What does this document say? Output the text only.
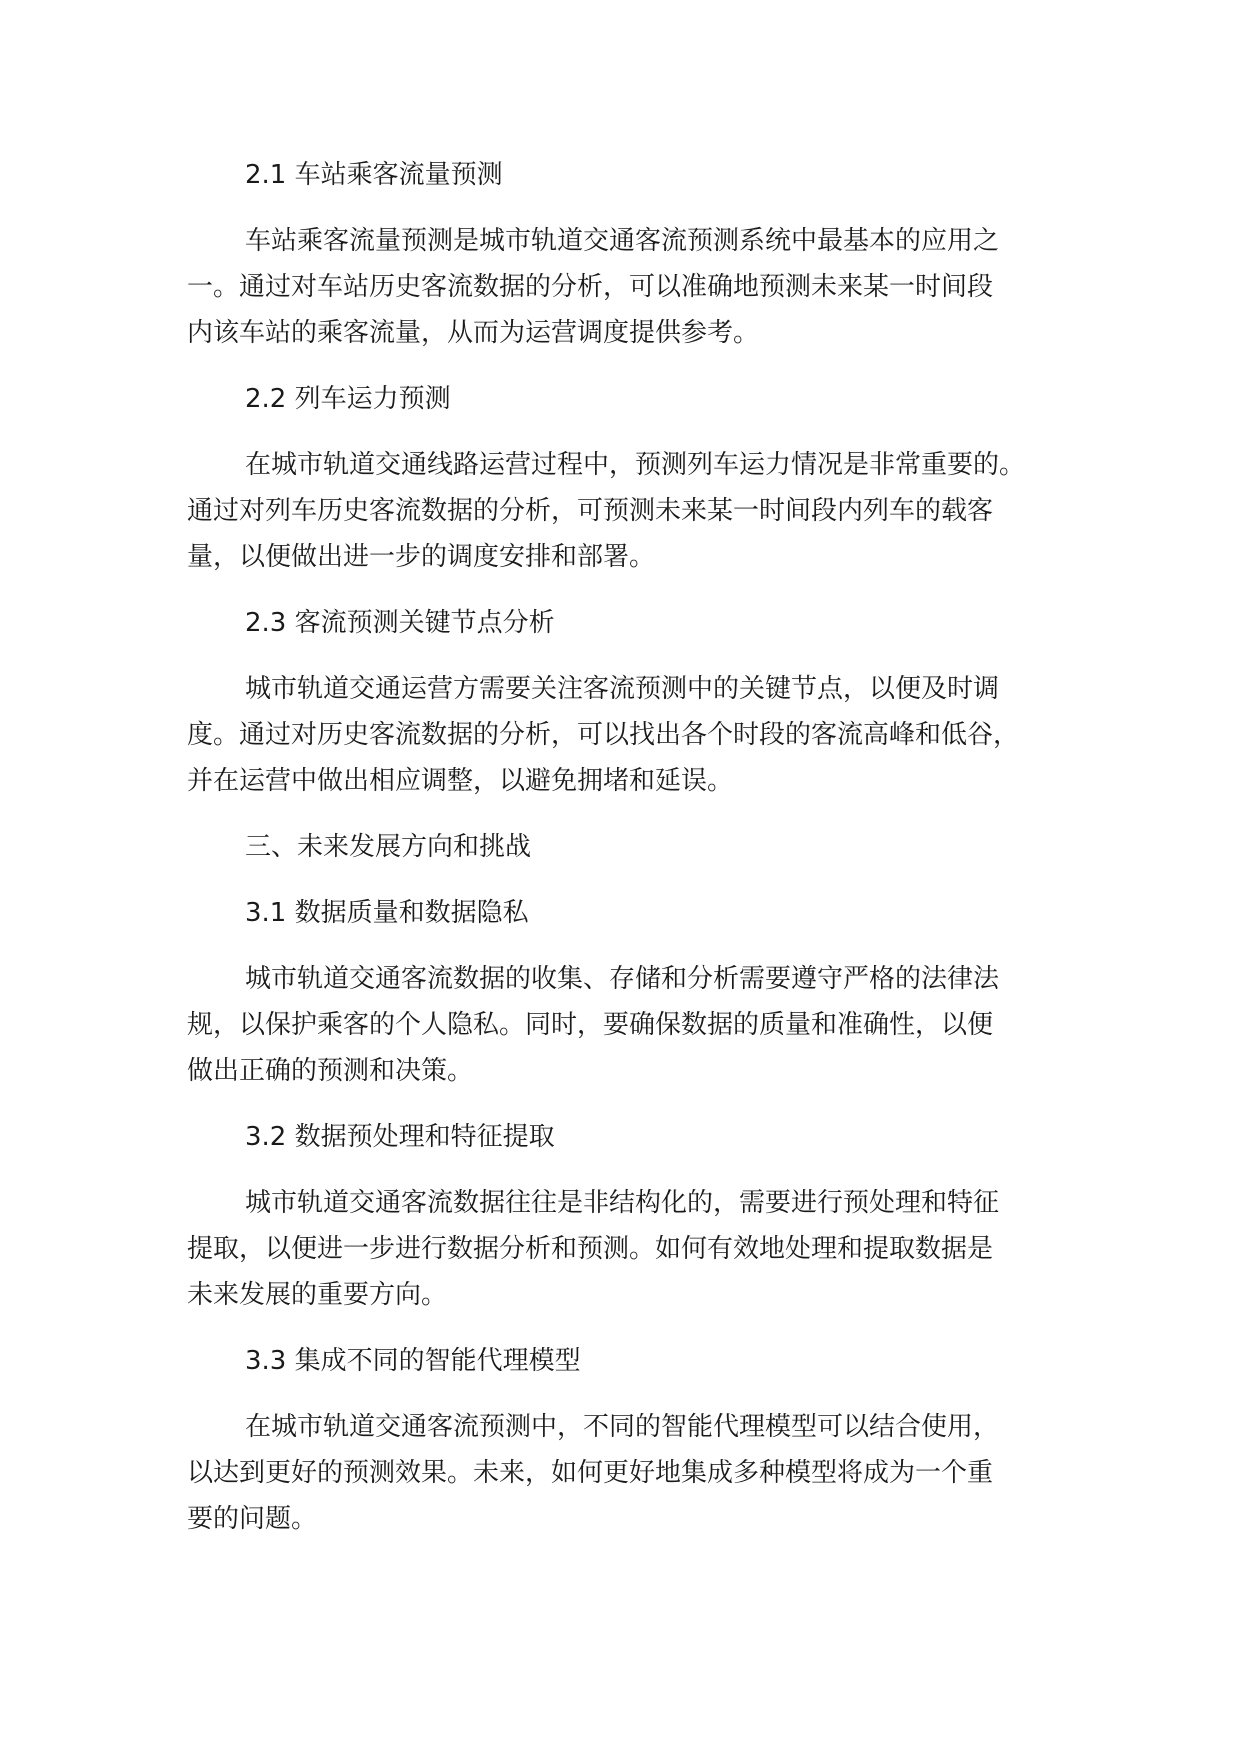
2.1 车站乘客流量预测
车站乘客流量预测是城市轨道交通客流预测系统中最基本的应用之
一。通过对车站历史客流数据的分析，可以准确地预测未来某一时间段
内该车站的乘客流量，从而为运营调度提供参考。
2.2 列车运力预测
在城市轨道交通线路运营过程中，预测列车运力情况是非常重要的。
通过对列车历史客流数据的分析，可预测未来某一时间段内列车的载客
量，以便做出进一步的调度安排和部署。
2.3 客流预测关键节点分析
城市轨道交通运营方需要关注客流预测中的关键节点，以便及时调
度。通过对历史客流数据的分析，可以找出各个时段的客流高峰和低谷，
并在运营中做出相应调整，以避免拥堵和延误。
三、未来发展方向和挑战
3.1 数据质量和数据隐私
城市轨道交通客流数据的收集、存储和分析需要遵守严格的法律法
规，以保护乘客的个人隐私。同时，要确保数据的质量和准确性，以便
做出正确的预测和决策。
3.2 数据预处理和特征提取
城市轨道交通客流数据往往是非结构化的，需要进行预处理和特征
提取，以便进一步进行数据分析和预测。如何有效地处理和提取数据是
未来发展的重要方向。
3.3 集成不同的智能代理模型
在城市轨道交通客流预测中，不同的智能代理模型可以结合使用，
以达到更好的预测效果。未来，如何更好地集成多种模型将成为一个重
要的问题。
